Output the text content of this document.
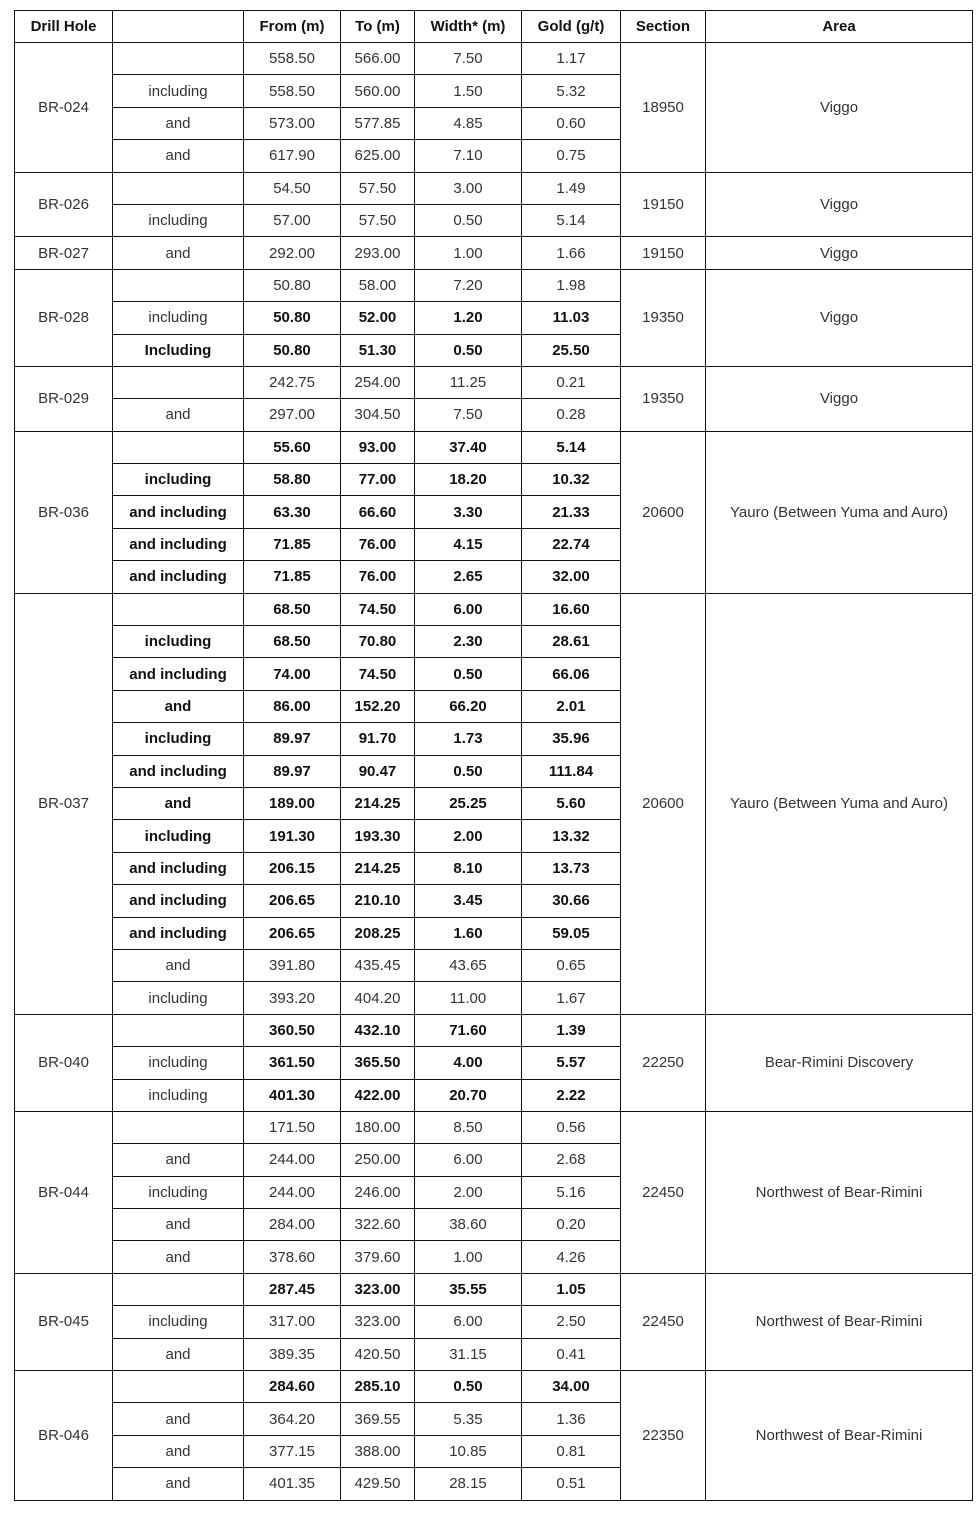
Drill Hole		From (m)	To (m)	Width* (m)	Gold (g/t)	Section	Area
BR-024		558.50	566.00	7.50	1.17	18950	Viggo
	including	558.50	560.00	1.50	5.32		
	and	573.00	577.85	4.85	0.60		
	and	617.90	625.00	7.10	0.75		
BR-026		54.50	57.50	3.00	1.49	19150	Viggo
	including	57.00	57.50	0.50	5.14		
BR-027	and	292.00	293.00	1.00	1.66	19150	Viggo
BR-028		50.80	58.00	7.20	1.98	19350	Viggo
	including	50.80	52.00	1.20	11.03		
	Including	50.80	51.30	0.50	25.50		
BR-029		242.75	254.00	11.25	0.21	19350	Viggo
	and	297.00	304.50	7.50	0.28		
BR-036		55.60	93.00	37.40	5.14	20600	Yauro (Between Yuma and Auro)
	including	58.80	77.00	18.20	10.32		
	and including	63.30	66.60	3.30	21.33		
	and including	71.85	76.00	4.15	22.74		
	and including	71.85	76.00	2.65	32.00		
BR-037		68.50	74.50	6.00	16.60	20600	Yauro (Between Yuma and Auro)
	including	68.50	70.80	2.30	28.61		
	and including	74.00	74.50	0.50	66.06		
	and	86.00	152.20	66.20	2.01		
	including	89.97	91.70	1.73	35.96		
	and including	89.97	90.47	0.50	111.84		
	and	189.00	214.25	25.25	5.60		
	including	191.30	193.30	2.00	13.32		
	and including	206.15	214.25	8.10	13.73		
	and including	206.65	210.10	3.45	30.66		
	and including	206.65	208.25	1.60	59.05		
	and	391.80	435.45	43.65	0.65		
	including	393.20	404.20	11.00	1.67		
BR-040		360.50	432.10	71.60	1.39	22250	Bear-Rimini Discovery
	including	361.50	365.50	4.00	5.57		
	including	401.30	422.00	20.70	2.22		
BR-044		171.50	180.00	8.50	0.56	22450	Northwest of Bear-Rimini
	and	244.00	250.00	6.00	2.68		
	including	244.00	246.00	2.00	5.16		
	and	284.00	322.60	38.60	0.20		
	and	378.60	379.60	1.00	4.26		
BR-045		287.45	323.00	35.55	1.05	22450	Northwest of Bear-Rimini
	including	317.00	323.00	6.00	2.50		
	and	389.35	420.50	31.15	0.41		
BR-046		284.60	285.10	0.50	34.00	22350	Northwest of Bear-Rimini
	and	364.20	369.55	5.35	1.36		
	and	377.15	388.00	10.85	0.81		
	and	401.35	429.50	28.15	0.51		
